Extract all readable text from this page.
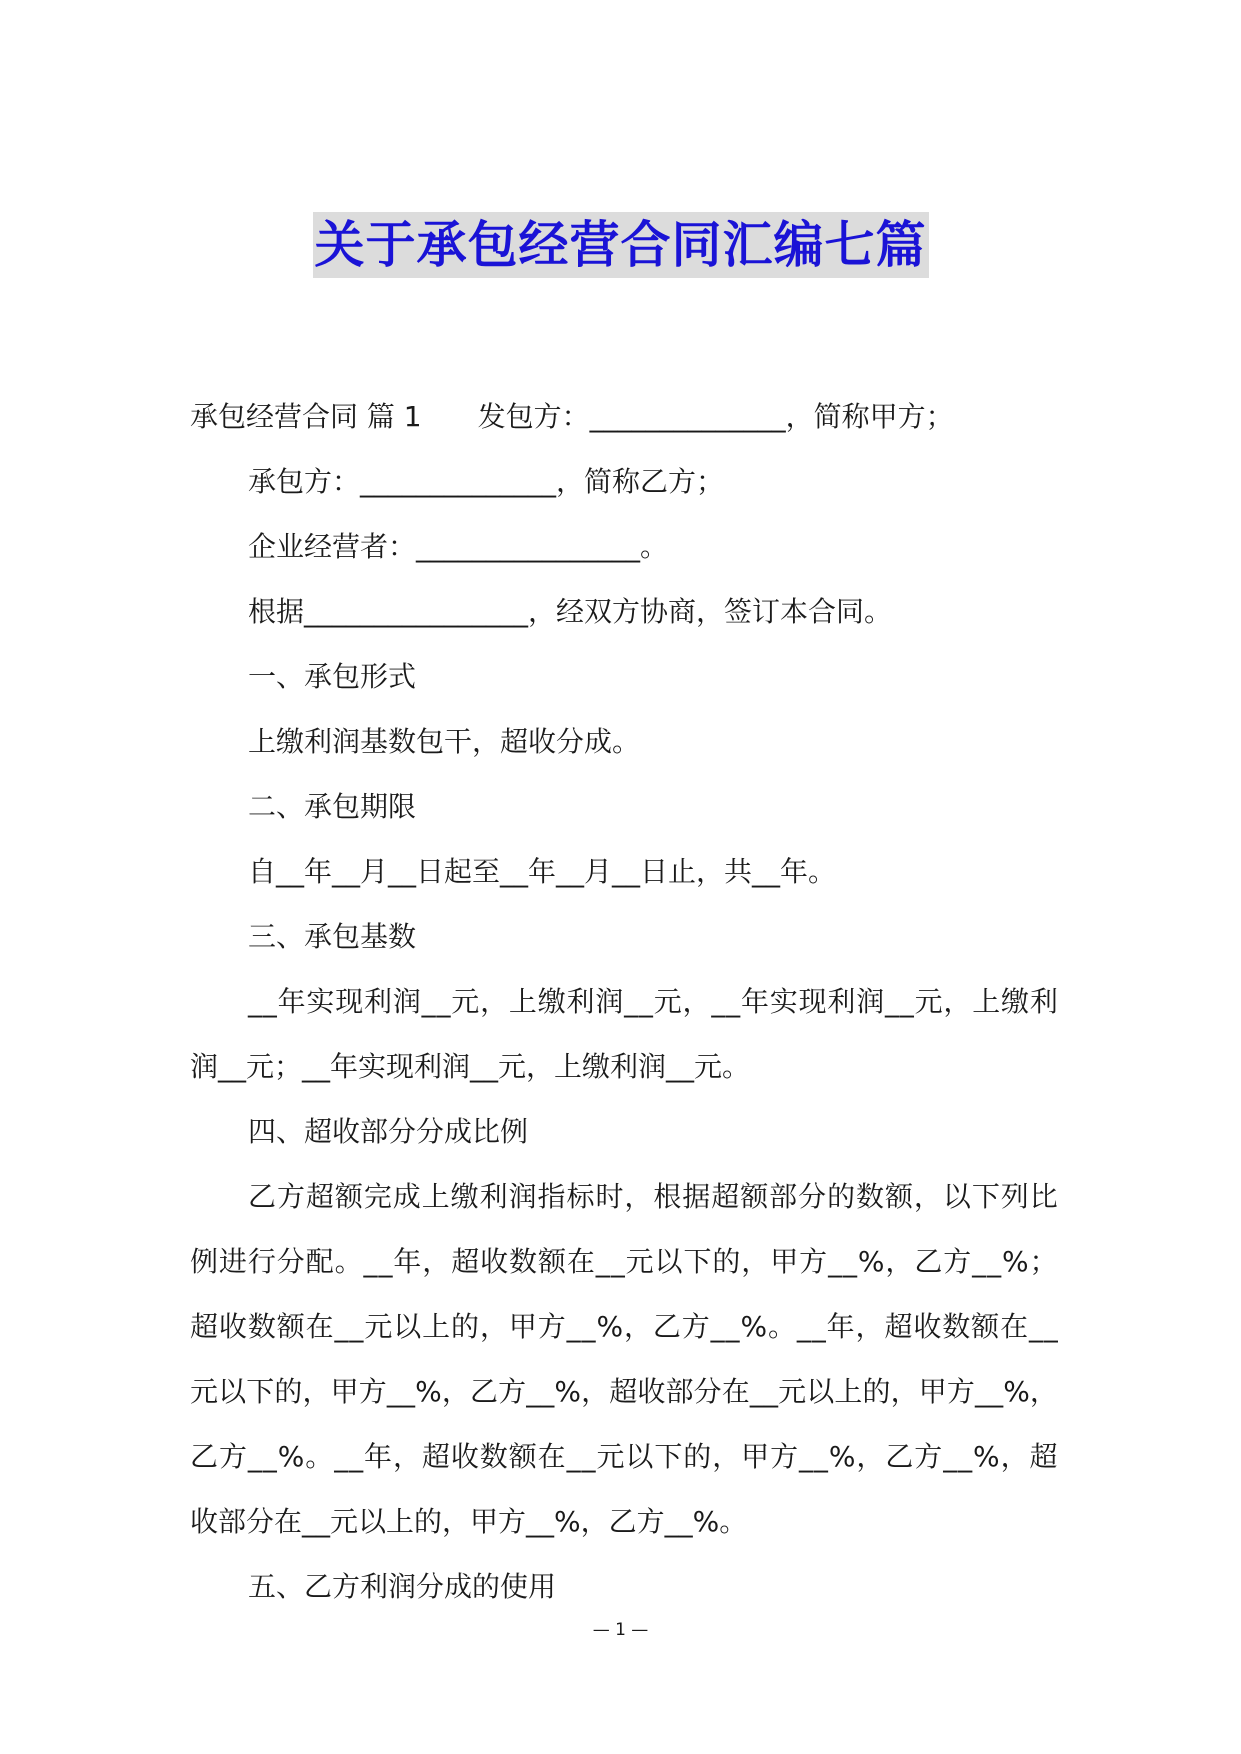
关于承包经营合同汇编七篇
承包经营合同 篇 1 发包方：______________，简称甲方；
承包方：______________，简称乙方；
企业经营者：________________。
根据________________，经双方协商，签订本合同。
一、承包形式
上缴利润基数包干，超收分成。
二、承包期限
自__年__月__日起至__年__月__日止，共__年。
三、承包基数
_ _ 年 实 现 利 润 _ _ 元 ， 上 缴 利 润 _ _ 元 ， _ _ 年 实 现 利 润 _ _ 元 ， 上 缴 利
润__元；__年实现利润__元，上缴利润__元。
四、超收部分分成比例
乙 方 超 额 完 成 上 缴 利 润 指 标 时 ， 根 据 超 额 部 分 的 数 额 ， 以 下 列 比
例 进 行 分 配 。 _ _ 年 ， 超 收 数 额 在 _ _ 元 以 下 的 ， 甲 方 _ _ % ， 乙 方 _ _ % ；
超 收 数 额 在 _ _ 元 以 上 的 ， 甲 方 _ _ % ， 乙 方 _ _ % 。 _ _ 年 ， 超 收 数 额 在 _ _
元 以 下 的 ， 甲 方 _ _ % ， 乙 方 _ _ % ， 超 收 部 分 在 _ _ 元 以 上 的 ， 甲 方 _ _ % ，
乙 方 _ _ % 。 _ _ 年 ， 超 收 数 额 在 _ _ 元 以 下 的 ， 甲 方 _ _ % ， 乙 方 _ _ % ， 超
收部分在__元以上的，甲方__%，乙方__%。
五、乙方利润分成的使用
— 1 —
